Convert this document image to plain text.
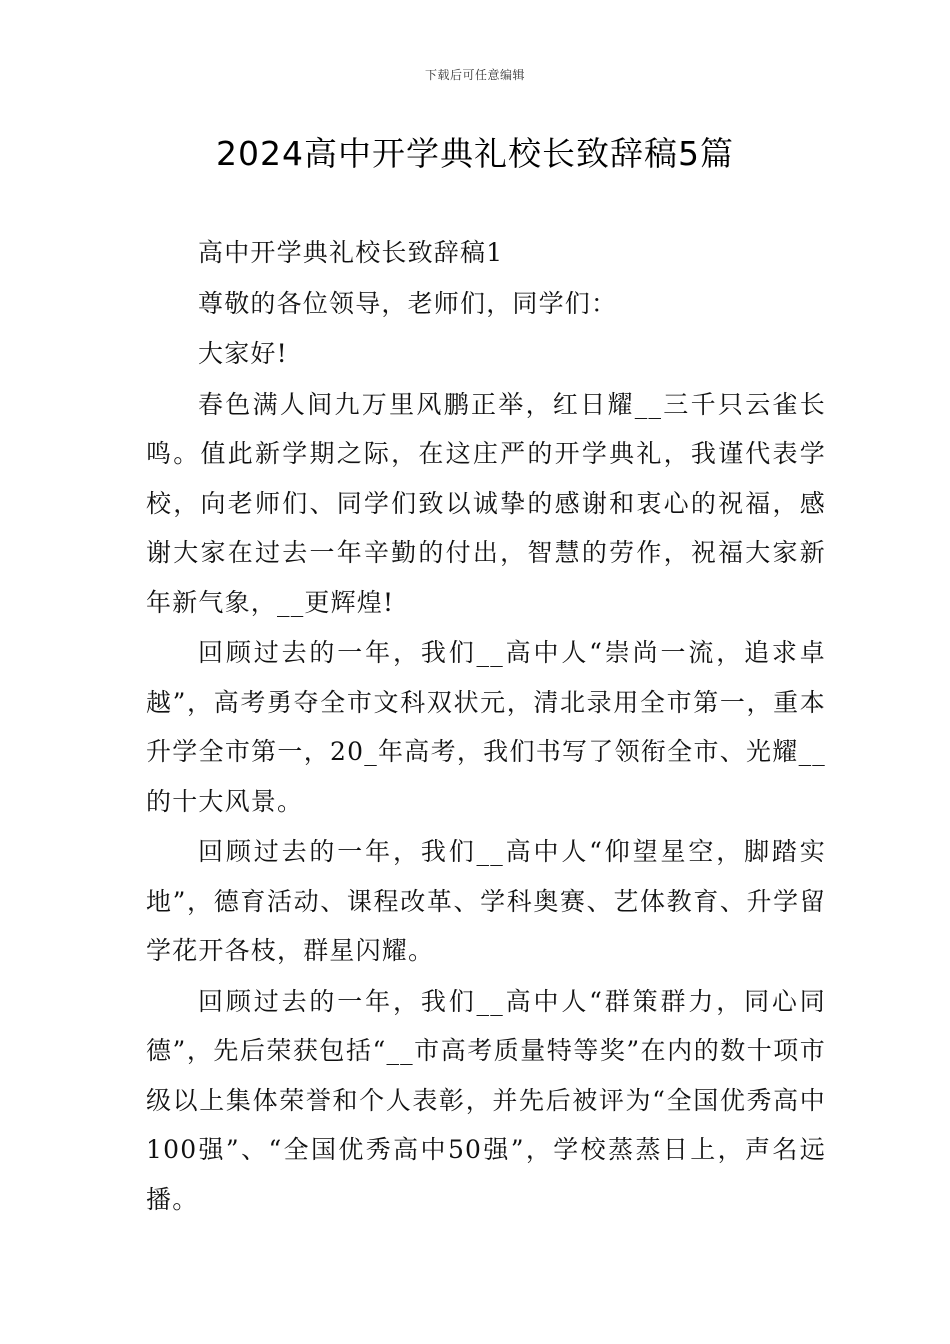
下载后可任意编辑
2024高中开学典礼校长致辞稿5篇

高中开学典礼校长致辞稿1

尊敬的各位领导，老师们，同学们：

大家好!

春色满人间九万里风鹏正举，红日耀__三千只云雀长鸣。值此新学期之际，在这庄严的开学典礼，我谨代表学校，向老师们、同学们致以诚挚的感谢和衷心的祝福，感谢大家在过去一年辛勤的付出，智慧的劳作，祝福大家新年新气象，__更辉煌!

回顾过去的一年，我们__高中人“崇尚一流，追求卓越”，高考勇夺全市文科双状元，清北录用全市第一，重本升学全市第一，20_年高考，我们书写了领衔全市、光耀__的十大风景。

回顾过去的一年，我们__高中人“仰望星空，脚踏实地”，德育活动、课程改革、学科奥赛、艺体教育、升学留学花开各枝，群星闪耀。

回顾过去的一年，我们__高中人“群策群力，同心同德”，先后荣获包括“__市高考质量特等奖”在内的数十项市级以上集体荣誉和个人表彰，并先后被评为“全国优秀高中100强”、“全国优秀高中50强”，学校蒸蒸日上，声名远播。
